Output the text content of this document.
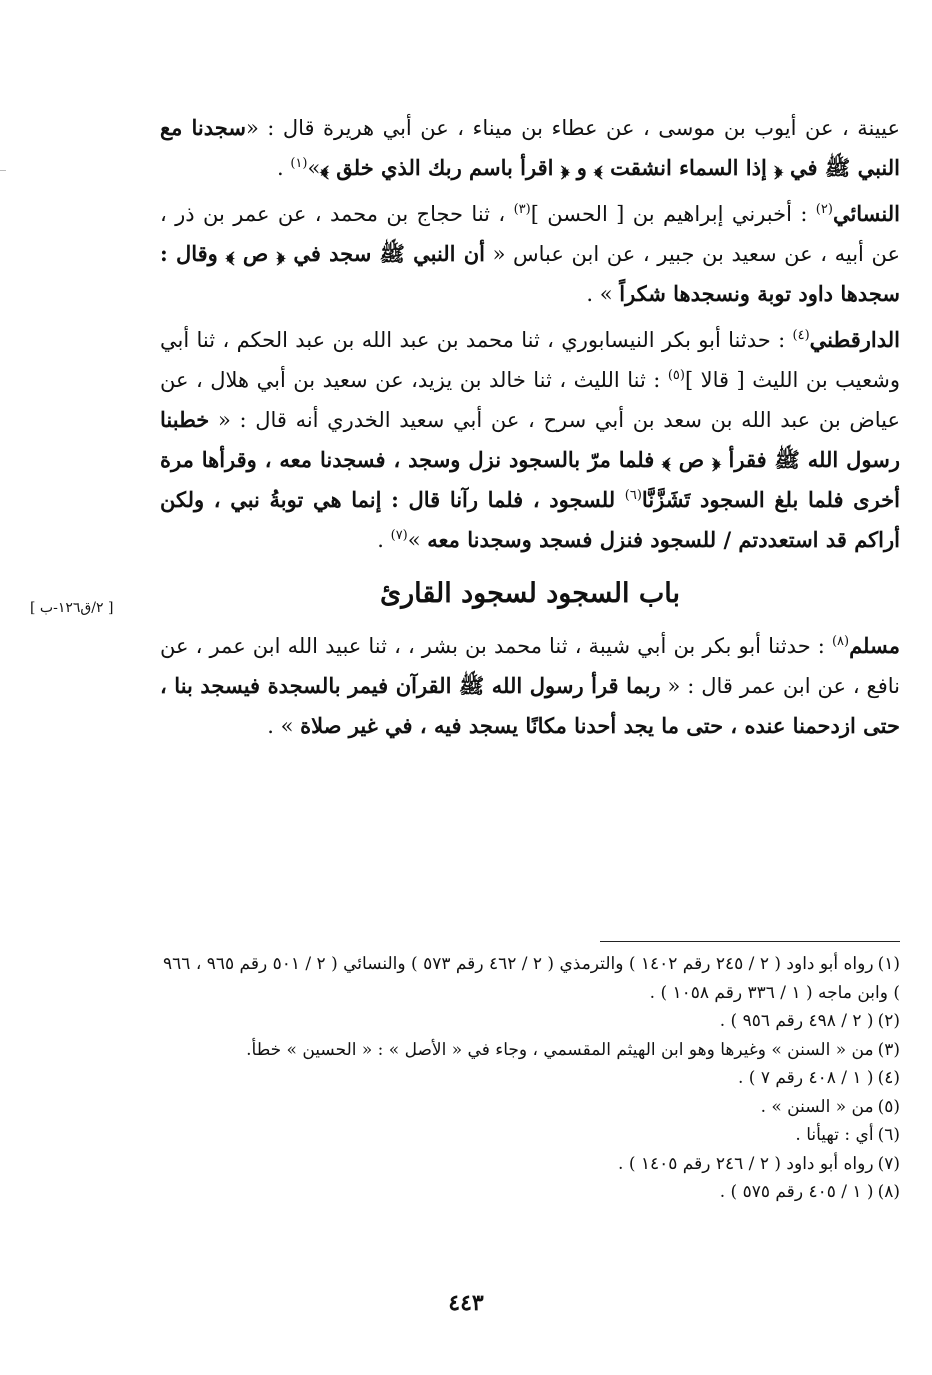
عيينة ، عن أيوب بن موسى ، عن عطاء بن ميناء ، عن أبي هريرة قال : «سجدنا مع النبي ﷺ في ﴿ إذا السماء انشقت ﴾ و ﴿ اقرأ باسم ربك الذي خلق ﴾»$^{(١)}$ .

النسائي$^{(٢)}$ : أخبرني إبراهيم بن [ الحسن ]$^{(٣)}$ ، ثنا حجاج بن محمد ، عن عمر بن ذر ، عن أبيه ، عن سعيد بن جبير ، عن ابن عباس « أن النبي ﷺ سجد في ﴿ ص ﴾ وقال : سجدها داود توبة ونسجدها شكراً » .

الدارقطني$^{(٤)}$ : حدثنا أبو بكر النيسابوري ، ثنا محمد بن عبد الله بن عبد الحكم ، ثنا أبي وشعيب بن الليث [ قالا ]$^{(٥)}$ : ثنا الليث ، ثنا خالد بن يزيد، عن سعيد بن أبي هلال ، عن عياض بن عبد الله بن سعد بن أبي سرح ، عن أبي سعيد الخدري أنه قال : « خطبنا رسول الله ﷺ فقرأ ﴿ ص ﴾ فلما مرّ بالسجود نزل وسجد ، فسجدنا معه ، وقرأها مرة أخرى فلما بلغ السجود تَشَزَّنَّا$^{(٦)}$ للسجود ، فلما رآنا قال : إنما هي توبةُ نبي ، ولكن أراكم قد استعددتم / للسجود فنزل فسجد وسجدنا معه »$^{(٧)}$ .

باب السجود لسجود القارئ

مسلم$^{(٨)}$ : حدثنا أبو بكر بن أبي شيبة ، ثنا محمد بن بشر ، ، ثنا عبيد الله ابن عمر ، عن نافع ، عن ابن عمر قال : « ربما قرأ رسول الله ﷺ القرآن فيمر بالسجدة فيسجد بنا ، حتى ازدحمنا عنده ، حتى ما يجد أحدنا مكانًا يسجد فيه ، في غير صلاة » .

[ ٢/ق١٢٦-ب ]

(١)رواه أبو داود ( ٢ / ٢٤٥ رقم ١٤٠٢ ) والترمذي ( ٢ / ٤٦٢ رقم ٥٧٣ ) والنسائي ( ٢ / ٥٠١ رقم ٩٦٥ ، ٩٦٦ ) وابن ماجه ( ١ / ٣٣٦ رقم ١٠٥٨ ) .

(٢)( ٢ / ٤٩٨ رقم ٩٥٦ ) .

(٣)من « السنن » وغيرها وهو ابن الهيثم المقسمي ، وجاء في « الأصل » : « الحسين » خطأ.

(٤)( ١ / ٤٠٨ رقم ٧ ) .

(٥)من « السنن » .

(٦)أي : تهيأنا .

(٧)رواه أبو داود ( ٢ / ٢٤٦ رقم ١٤٠٥ ) .

(٨)( ١ / ٤٠٥ رقم ٥٧٥ ) .

٤٤٣
